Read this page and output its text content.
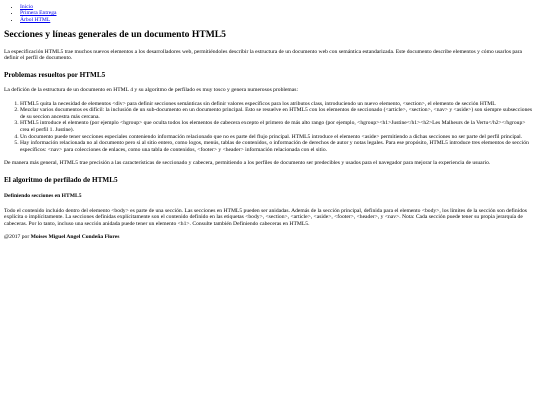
• Inicio
• Primera Entrega
• Árbol HTML
Secciones y líneas generales de un documento HTML5

La especificación HTML5 trae muchos nuevos elementos a los desarrolladores web, permitiéndoles describir la estructura de un documento web con semántica estandarizada. Este documento describe elementos y cómo usarlos para definir el perfil de documento.

Problemas resueltos por HTML5

La defición de la estructura de un documento en HTML 4 y su algoritmo de perfilado es muy tosco y genera numerosos problemas:

1. HTML5 quita la necesidad de elementos <div> para definir secciones semánticas sin definir valores específicos para los atributos class, introduciendo un nuevo elemento, <section>, el elemento de sección HTML
2. Mezclar varios documentos es difícil: la inclusión de un sub-documento en un documento principal. Esto se resuelve en HTML5 con los elementos de seccionado (<article>, <section>, <nav> y <aside>) son siempre subsecciones de su seccion ancestra más cercana.
3. HTML5 introduce el elemento (por ejemplo <hgroup> que oculta todos los elementos de cabecera excepto el primero de más alto rango (por ejemplo, <hgroup><h1>Justine</h1><h2>Les Malheurs de la Vertu</h2></hgroup> crea el perfil 1. Justine).
4. Un documento puede tener secciones especiales conteniendo información relacionado que no es parte del flujo principal. HTML5 introduce el elemento <aside> permitiendo a dichas secciones no ser parte del perfil principal.
5. Hay información relacionada no al documento pero si al sitio entero, como logos, menús, tablas de contenidos, o información de derechos de autor y notas legales. Para ese propósito, HTML5 introduce tres elementos de sección específicos: <nav> para colecciones de enlaces, como una tabla de contenidos, <footer> y <header> información relacionada con el sitio.

De manera más general, HTML5 trae precisión a las características de seccionado y cabecera, permitiendo a los perfiles de documento ser predecibles y usados para el navegador para mejorar la experiencia de usuario.

El algoritmo de perfilado de HTML5
Definiendo secciones en HTML5

Todo el contenido incluido dentro del elemento <body> es parte de una sección. Las secciones en HTML5 pueden ser anidadas. Además de la sección principal, definida para el elemento <body>, los límites de la sección son definidos explícita o implícitamente. La secciones definidas explícitamente son el contenido definido en las etiquetas <body>, <section>, <article>, <aside>, <footer>, <header>, y <nav>. Nota: Cada sección puede tener su propia jerarquía de cabeceras. Por lo tanto, incluso una sección anidada puede tener un elemento <h1>. Consulte también Definiendo cabeceras en HTML5.

@2017 por Moises Miguel Angel Condeña Flores
